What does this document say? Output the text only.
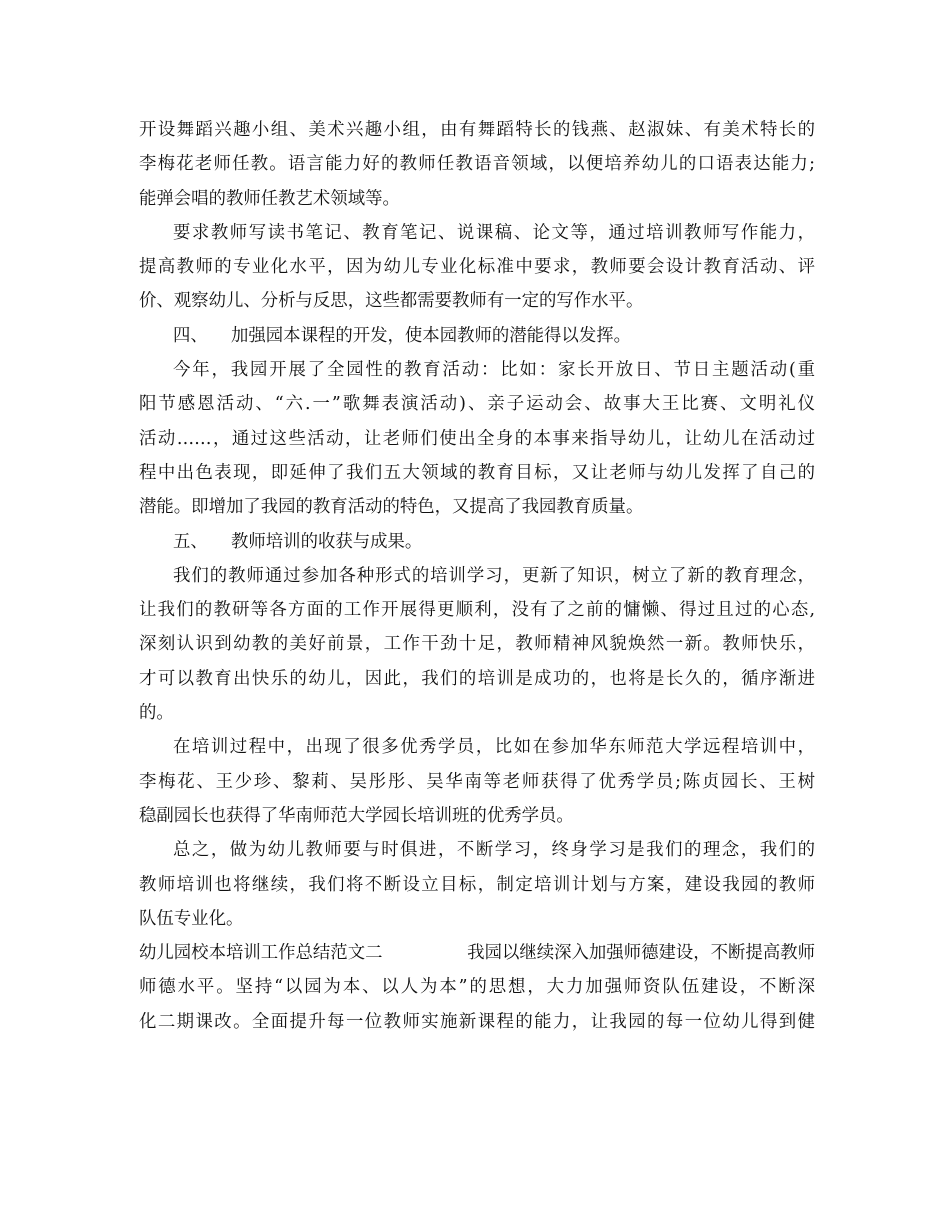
开设舞蹈兴趣小组、美术兴趣小组，由有舞蹈特长的钱燕、赵淑妹、有美术特长的
李梅花老师任教。语言能力好的教师任教语音领域，以便培养幼儿的口语表达能力;
能弹会唱的教师任教艺术领域等。
要求教师写读书笔记、教育笔记、说课稿、论文等，通过培训教师写作能力，
提高教师的专业化水平，因为幼儿专业化标准中要求，教师要会设计教育活动、评
价、观察幼儿、分析与反思，这些都需要教师有一定的写作水平。
四、 加强园本课程的开发，使本园教师的潜能得以发挥。
今年，我园开展了全园性的教育活动：比如：家长开放日、节日主题活动(重
阳节感恩活动、“六.一”歌舞表演活动)、亲子运动会、故事大王比赛、文明礼仪
活动……，通过这些活动，让老师们使出全身的本事来指导幼儿，让幼儿在活动过
程中出色表现，即延伸了我们五大领域的教育目标，又让老师与幼儿发挥了自己的
潜能。即增加了我园的教育活动的特色，又提高了我园教育质量。
五、 教师培训的收获与成果。
我们的教师通过参加各种形式的培训学习，更新了知识，树立了新的教育理念，
让我们的教研等各方面的工作开展得更顺利，没有了之前的慵懒、得过且过的心态,
深刻认识到幼教的美好前景，工作干劲十足，教师精神风貌焕然一新。教师快乐，
才可以教育出快乐的幼儿，因此，我们的培训是成功的，也将是长久的，循序渐进
的。
在培训过程中，出现了很多优秀学员，比如在参加华东师范大学远程培训中，
李梅花、王少珍、黎莉、吴彤彤、吴华南等老师获得了优秀学员;陈贞园长、王树
稳副园长也获得了华南师范大学园长培训班的优秀学员。
总之，做为幼儿教师要与时俱进，不断学习，终身学习是我们的理念，我们的
教师培训也将继续，我们将不断设立目标，制定培训计划与方案，建设我园的教师
队伍专业化。
幼儿园校本培训工作总结范文二	我园以继续深入加强师德建设，不断提高教师
师德水平。坚持“以园为本、以人为本”的思想，大力加强师资队伍建设，不断深
化二期课改。全面提升每一位教师实施新课程的能力，让我园的每一位幼儿得到健
